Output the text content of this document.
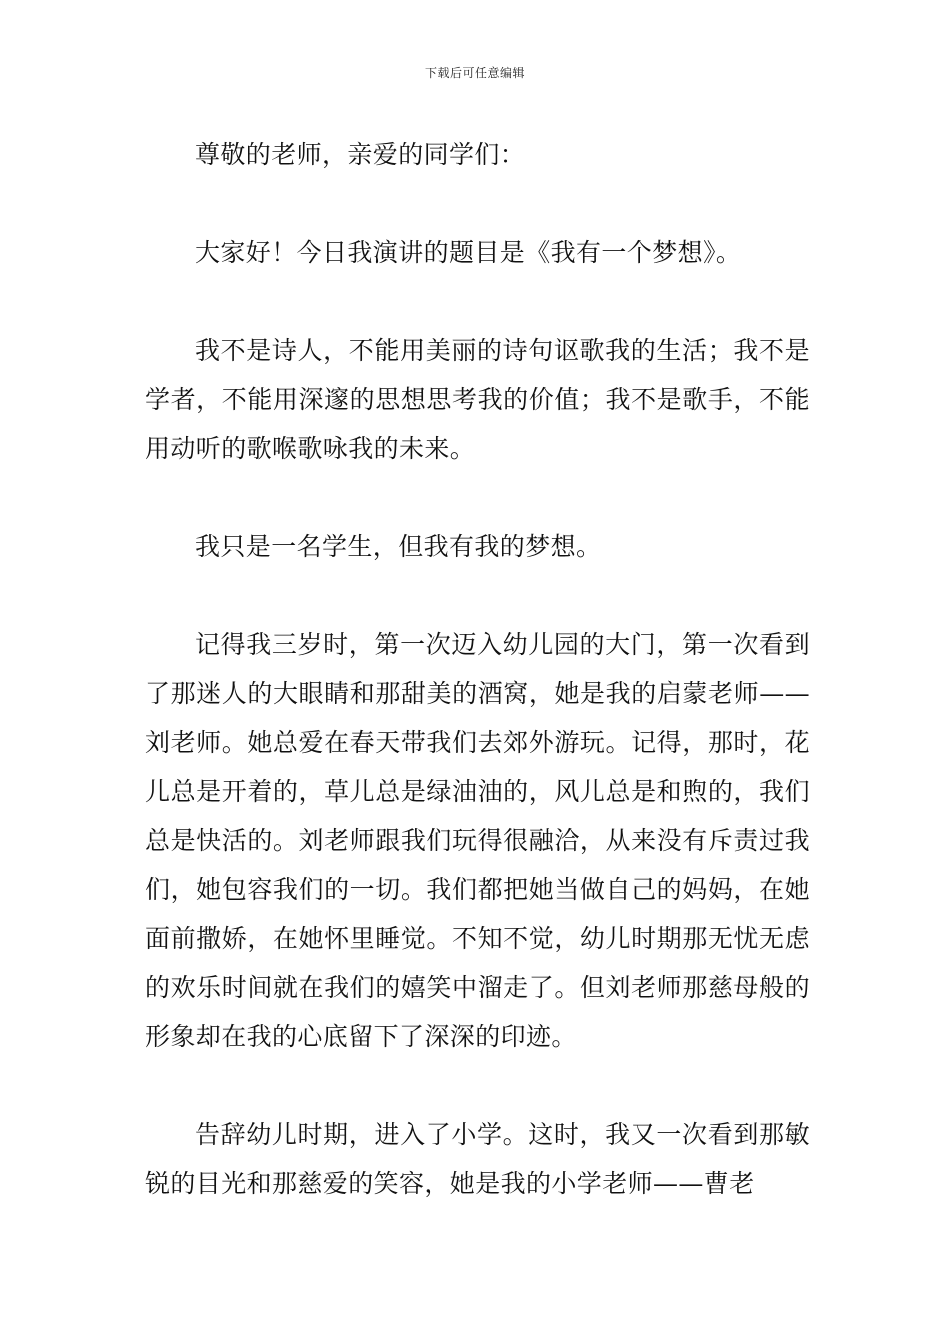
下载后可任意编辑

尊敬的老师，亲爱的同学们：

大家好！今日我演讲的题目是《我有一个梦想》。

我不是诗人，不能用美丽的诗句讴歌我的生活；我不是学者，不能用深邃的思想思考我的价值；我不是歌手，不能用动听的歌喉歌咏我的未来。

我只是一名学生，但我有我的梦想。

记得我三岁时，第一次迈入幼儿园的大门，第一次看到了那迷人的大眼睛和那甜美的酒窝，她是我的启蒙老师——刘老师。她总爱在春天带我们去郊外游玩。记得，那时，花儿总是开着的，草儿总是绿油油的，风儿总是和煦的，我们总是快活的。刘老师跟我们玩得很融洽，从来没有斥责过我们，她包容我们的一切。我们都把她当做自己的妈妈，在她面前撒娇，在她怀里睡觉。不知不觉，幼儿时期那无忧无虑的欢乐时间就在我们的嬉笑中溜走了。但刘老师那慈母般的形象却在我的心底留下了深深的印迹。

告辞幼儿时期，进入了小学。这时，我又一次看到那敏锐的目光和那慈爱的笑容，她是我的小学老师——曹老
